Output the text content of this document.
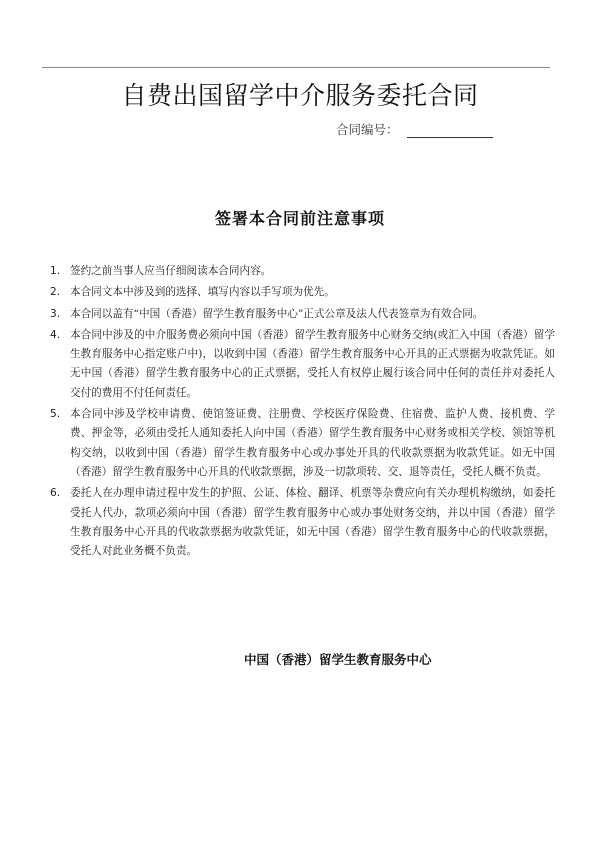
自费出国留学中介服务委托合同
合同编号：
签署本合同前注意事项
1. 签约之前当事人应当仔细阅读本合同内容。
2. 本合同文本中涉及到的选择、填写内容以手写项为优先。
3. 本合同以盖有“中国（香港）留学生教育服务中心”正式公章及法人代表签章为有效合同。
4. 本合同中涉及的中介服务费必须向中国（香港）留学生教育服务中心财务交纳(或汇入中国（香港）留学生教育服务中心指定账户中)，以收到中国（香港）留学生教育服务中心开具的正式票据为收款凭证。如无中国（香港）留学生教育服务中心的正式票据，受托人有权停止履行该合同中任何的责任并对委托人交付的费用不付任何责任。
5. 本合同中涉及学校申请费、使馆签证费、注册费、学校医疗保险费、住宿费、监护人费、接机费、学费、押金等，必须由受托人通知委托人向中国（香港）留学生教育服务中心财务或相关学校、领馆等机构交纳，以收到中国（香港）留学生教育服务中心或办事处开具的代收款票据为收款凭证。如无中国（香港）留学生教育服务中心开具的代收款票据，涉及一切款项转、交、退等责任，受托人概不负责。
6. 委托人在办理申请过程中发生的护照、公证、体检、翻译、机票等杂费应向有关办理机构缴纳，如委托受托人代办，款项必须向中国（香港）留学生教育服务中心或办事处财务交纳，并以中国（香港）留学生教育服务中心开具的代收款票据为收款凭证，如无中国（香港）留学生教育服务中心的代收款票据，受托人对此业务概不负责。
中国（香港）留学生教育服务中心
